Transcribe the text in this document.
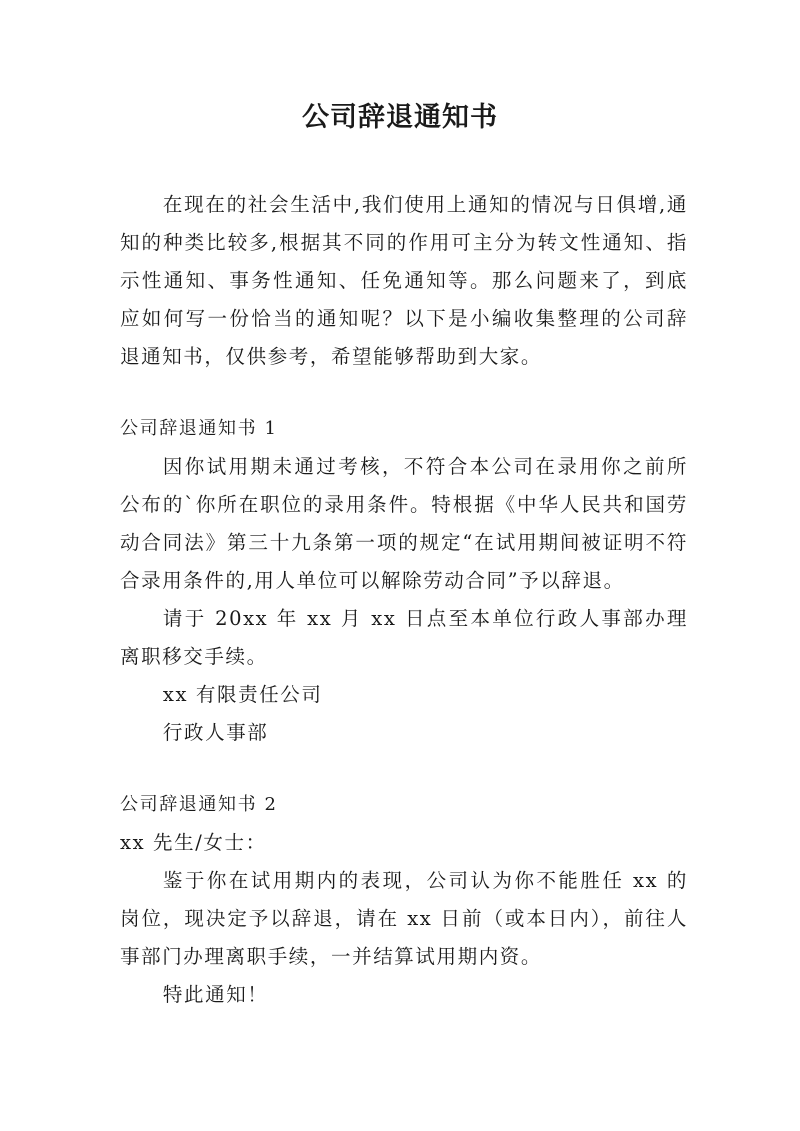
公司辞退通知书

在现在的社会生活中,我们使用上通知的情况与日俱增,通知的种类比较多,根据其不同的作用可主分为转文性通知、指示性通知、事务性通知、任免通知等。那么问题来了，到底应如何写一份恰当的通知呢？以下是小编收集整理的公司辞退通知书，仅供参考，希望能够帮助到大家。

公司辞退通知书 1

因你试用期未通过考核，不符合本公司在录用你之前所公布的`你所在职位的录用条件。特根据《中华人民共和国劳动合同法》第三十九条第一项的规定“在试用期间被证明不符合录用条件的,用人单位可以解除劳动合同”予以辞退。

请于 20xx 年 xx 月 xx 日点至本单位行政人事部办理离职移交手续。

xx 有限责任公司

行政人事部

公司辞退通知书 2

xx 先生/女士：

鉴于你在试用期内的表现，公司认为你不能胜任 xx 的岗位，现决定予以辞退，请在 xx 日前（或本日内），前往人事部门办理离职手续，一并结算试用期内资。

特此通知！
